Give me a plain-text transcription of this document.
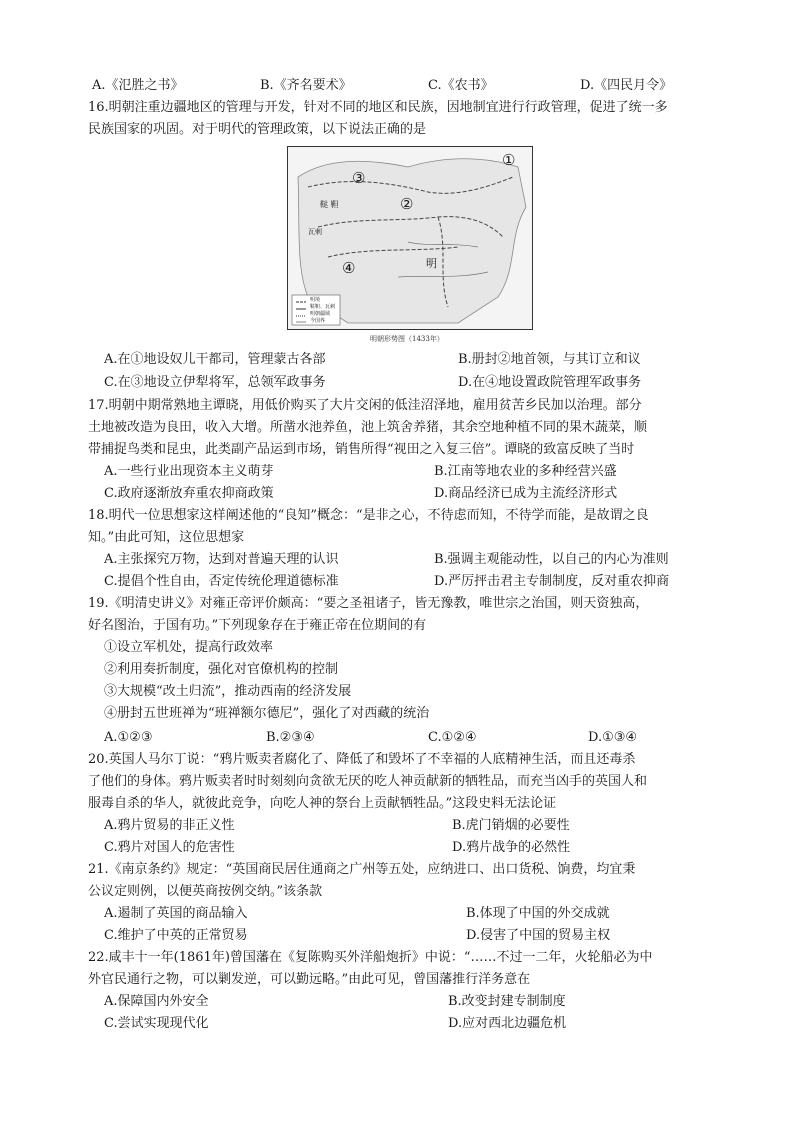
A.《氾胜之书》	B.《齐名要术》	C.《农书》	D.《四民月令》
16.明朝注重边疆地区的管理与开发，针对不同的地区和民族，因地制宜进行行政管理，促进了统一多
民族国家的巩固。对于明代的管理政策，以下说法正确的是
①
②
③
④
鞑 靼
瓦剌
明
明境
鞑靼、瓦剌
明朝疆域
今国界
明朝形势图（1433年）
A.在①地设奴儿干都司，管理蒙古各部	B.册封②地首领，与其订立和议
C.在③地设立伊犁将军，总领军政事务	D.在④地设置政院管理军政事务
17.明朝中期常熟地主谭晓，用低价购买了大片交闲的低洼沼泽地，雇用贫苦乡民加以治理。部分
土地被改造为良田，收入大增。所凿水池养鱼，池上筑舍养猪，其余空地种植不同的果木蔬菜，顺
带捕捉鸟类和昆虫，此类副产品运到市场，销售所得“视田之入复三倍”。谭晓的致富反映了当时
A.一些行业出现资本主义萌芽	B.江南等地农业的多种经营兴盛
C.政府逐渐放弃重农抑商政策	D.商品经济已成为主流经济形式
18.明代一位思想家这样阐述他的“良知”概念：“是非之心，不待虑而知，不待学而能，是故谓之良
知。”由此可知，这位思想家
A.主张探究万物，达到对普遍天理的认识	B.强调主观能动性，以自己的内心为准则
C.提倡个性自由，否定传统伦理道德标准	D.严厉抨击君主专制制度，反对重农抑商
19.《明清史讲义》对雍正帝评价颇高：“要之圣祖诸子，皆无豫教，唯世宗之治国，则天资独高，
好名图治，于国有功。”下列现象存在于雍正帝在位期间的有
①设立军机处，提高行政效率
②利用奏折制度，强化对官僚机构的控制
③大规模“改土归流”，推动西南的经济发展
④册封五世班禅为“班禅额尔德尼”，强化了对西藏的统治
A.①②③	B.②③④	C.①②④	D.①③④
20.英国人马尔丁说：“鸦片贩卖者腐化了、降低了和毁坏了不幸福的人底精神生活，而且还毒杀
了他们的身体。鸦片贩卖者时时刻刻向贪欲无厌的吃人神贡献新的牺牲品，而充当凶手的英国人和
服毒自杀的华人，就彼此竞争，向吃人神的祭台上贡献牺牲品。”这段史料无法论证
A.鸦片贸易的非正义性	B.虎门销烟的必要性
C.鸦片对国人的危害性	D.鸦片战争的必然性
21.《南京条约》规定：“英国商民居住通商之广州等五处，应纳进口、出口货税、饷费，均宜秉
公议定则例，以便英商按例交纳。”该条款
A.遏制了英国的商品输入	B.体现了中国的外交成就
C.维护了中英的正常贸易	D.侵害了中国的贸易主权
22.咸丰十一年(1861年)曾国藩在《复陈购买外洋船炮折》中说：“……不过一二年，火轮船必为中
外官民通行之物，可以剿发逆，可以勤远略。”由此可见，曾国藩推行洋务意在
A.保障国内外安全	B.改变封建专制制度
C.尝试实现现代化	D.应对西北边疆危机
